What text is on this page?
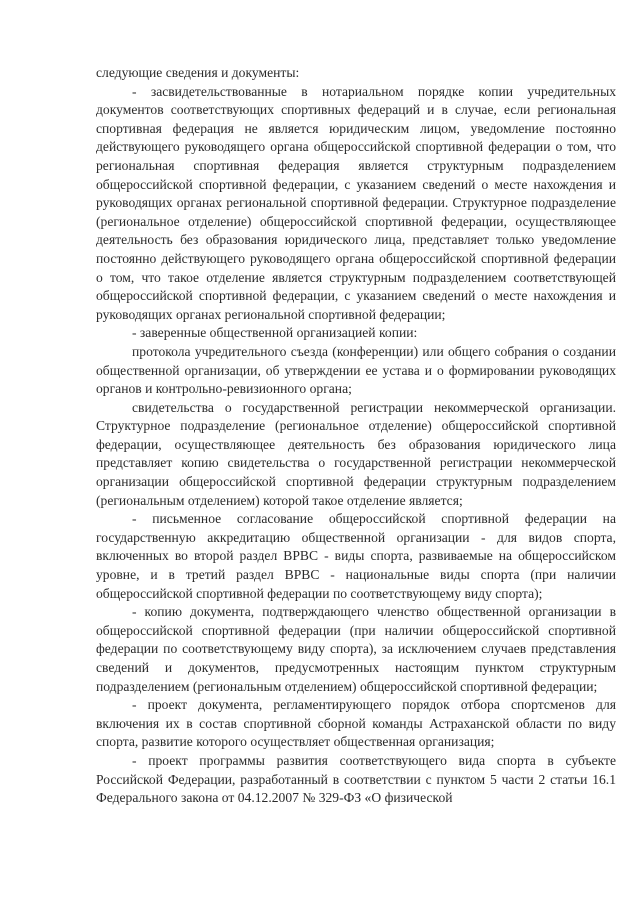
следующие сведения и документы:

- засвидетельствованные в нотариальном порядке копии учредительных документов соответствующих спортивных федераций и в случае, если региональная спортивная федерация не является юридическим лицом, уведомление постоянно действующего руководящего органа общероссийской спортивной федерации о том, что региональная спортивная федерация является структурным подразделением общероссийской спортивной федерации, с указанием сведений о месте нахождения и руководящих органах региональной спортивной федерации. Структурное подразделение (региональное отделение) общероссийской спортивной федерации, осуществляющее деятельность без образования юридического лица, представляет только уведомление постоянно действующего руководящего органа общероссийской спортивной федерации о том, что такое отделение является структурным подразделением соответствующей общероссийской спортивной федерации, с указанием сведений о месте нахождения и руководящих органах региональной спортивной федерации;

- заверенные общественной организацией копии:

протокола учредительного съезда (конференции) или общего собрания о создании общественной организации, об утверждении ее устава и о формировании руководящих органов и контрольно-ревизионного органа;

свидетельства о государственной регистрации некоммерческой организации. Структурное подразделение (региональное отделение) общероссийской спортивной федерации, осуществляющее деятельность без образования юридического лица представляет копию свидетельства о государственной регистрации некоммерческой организации общероссийской спортивной федерации структурным подразделением (региональным отделением) которой такое отделение является;

- письменное согласование общероссийской спортивной федерации на государственную аккредитацию общественной организации - для видов спорта, включенных во второй раздел ВРВС - виды спорта, развиваемые на общероссийском уровне, и в третий раздел ВРВС - национальные виды спорта (при наличии общероссийской спортивной федерации по соответствующему виду спорта);

- копию документа, подтверждающего членство общественной организации в общероссийской спортивной федерации (при наличии общероссийской спортивной федерации по соответствующему виду спорта), за исключением случаев представления сведений и документов, предусмотренных настоящим пунктом структурным подразделением (региональным отделением) общероссийской спортивной федерации;

- проект документа, регламентирующего порядок отбора спортсменов для включения их в состав спортивной сборной команды Астраханской области по виду спорта, развитие которого осуществляет общественная организация;

- проект программы развития соответствующего вида спорта в субъекте Российской Федерации, разработанный в соответствии с пунктом 5 части 2 статьи 16.1 Федерального закона от 04.12.2007 № 329-ФЗ «О физической
